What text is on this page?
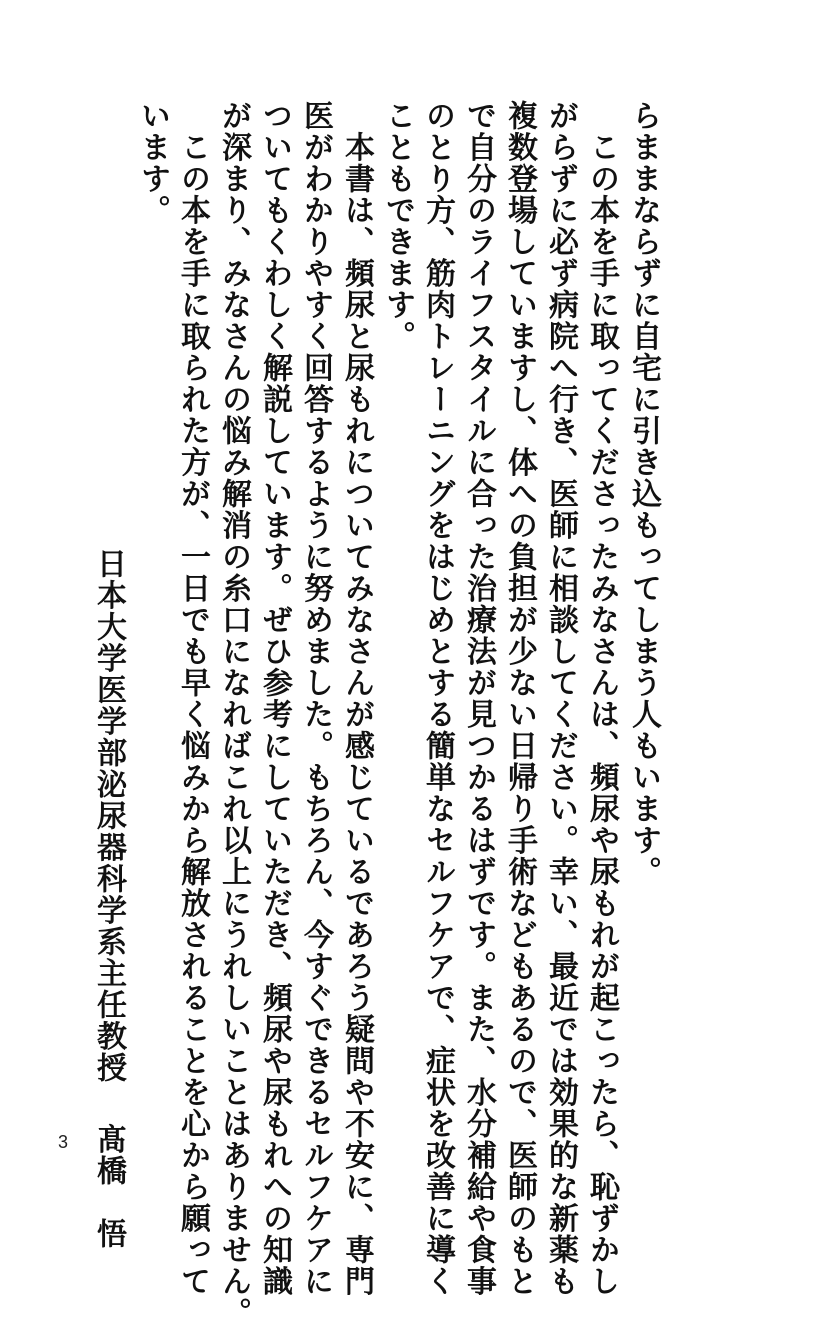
らままならずに自宅に引き込もってしまう人もいます。
　この本を手に取ってくださったみなさんは、頻尿や尿もれが起こったら、恥ずかし
がらずに必ず病院へ行き、医師に相談してください。幸い、最近では効果的な新薬も
複数登場していますし、体への負担が少ない日帰り手術などもあるので、医師のもと
で自分のライフスタイルに合った治療法が見つかるはずです。また、水分補給や食事
のとり方、筋肉トレーニングをはじめとする簡単なセルフケアで、症状を改善に導く
こともできます。
　本書は、頻尿と尿もれについてみなさんが感じているであろう疑問や不安に、専門
医がわかりやすく回答するように努めました。もちろん、今すぐできるセルフケアに
ついてもくわしく解説しています。ぜひ参考にしていただき、頻尿や尿もれへの知識
が深まり、みなさんの悩み解消の糸口になればこれ以上にうれしいことはありません。
　この本を手に取られた方が、一日でも早く悩みから解放されることを心から願って
います。
日本大学医学部泌尿器科学系主任教授髙橋　悟
3
